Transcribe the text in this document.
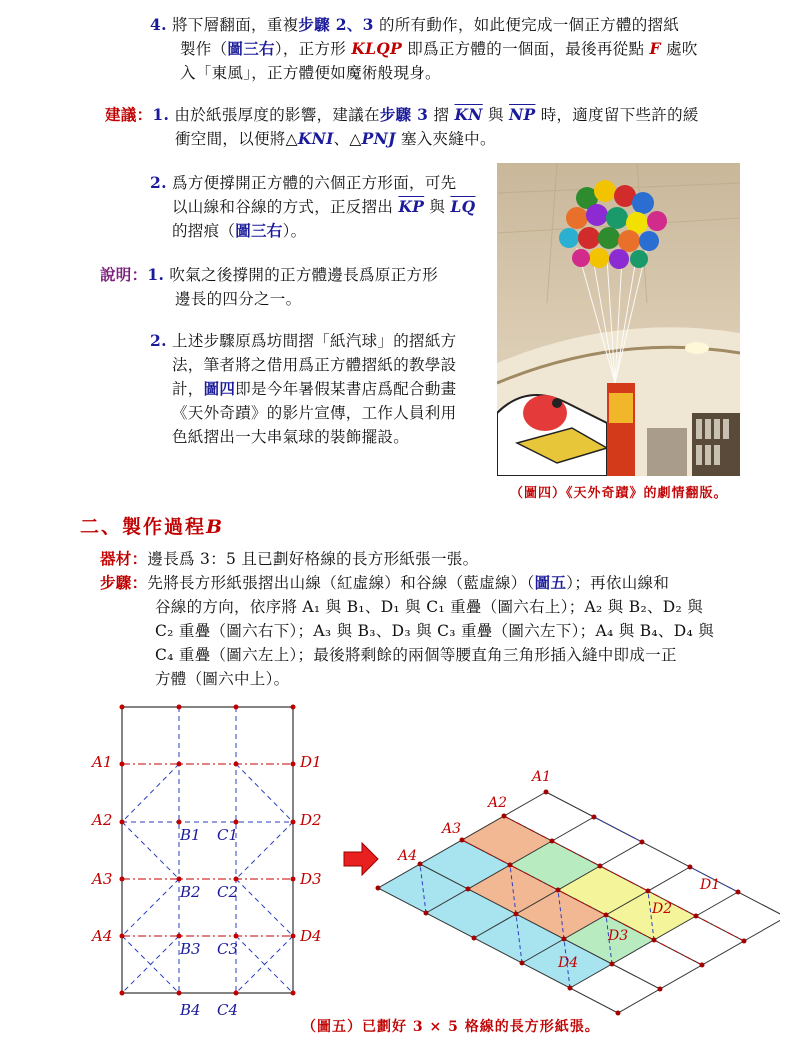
4. 將下層翻面，重複步驟 2、3 的所有動作，如此便完成一個正方體的摺紙
製作（圖三右），正方形 KLQP 即爲正方體的一個面，最後再從點 F 處吹
入「東風」，正方體便如魔術般現身。
建議：1. 由於紙張厚度的影響，建議在步驟 3 摺 $\overline{KN}$ 與 $\overline{NP}$ 時，適度留下些許的緩
衝空間，以便將△KNI、△PNJ 塞入夾縫中。
2. 爲方便撐開正方體的六個正方形面，可先
以山線和谷線的方式，正反摺出 $\overline{KP}$ 與 $\overline{LQ}$
的摺痕（圖三右）。
說明：1. 吹氣之後撐開的正方體邊長爲原正方形
邊長的四分之一。
2. 上述步驟原爲坊間摺「紙汽球」的摺紙方
法，筆者將之借用爲正方體摺紙的教學設
計，圖四即是今年暑假某書店爲配合動畫
《天外奇蹟》的影片宣傳，工作人員利用
色紙摺出一大串氣球的裝飾擺設。
（圖四）《天外奇蹟》的劇情翻版。
二、製作過程B
器材：邊長爲 3：5 且已劃好格線的長方形紙張一張。
步驟：先將長方形紙張摺出山線（紅虛線）和谷線（藍虛線）（圖五）；再依山線和
谷線的方向，依序將 A₁ 與 B₁、D₁ 與 C₁ 重疊（圖六右上）；A₂ 與 B₂、D₂ 與
C₂ 重疊（圖六右下）；A₃ 與 B₃、D₃ 與 C₃ 重疊（圖六左下）；A₄ 與 B₄、D₄ 與
C₄ 重疊（圖六左上）；最後將剩餘的兩個等腰直角三角形插入縫中即成一正
方體（圖六中上）。
A1
A2
A3
A4
D1
D2
D3
D4
B1
B2
B3
B4
C1
C2
C3
C4
A1
A2
A3
A4
D1
D2
D3
D4
（圖五）已劃好 3 × 5 格線的長方形紙張。
